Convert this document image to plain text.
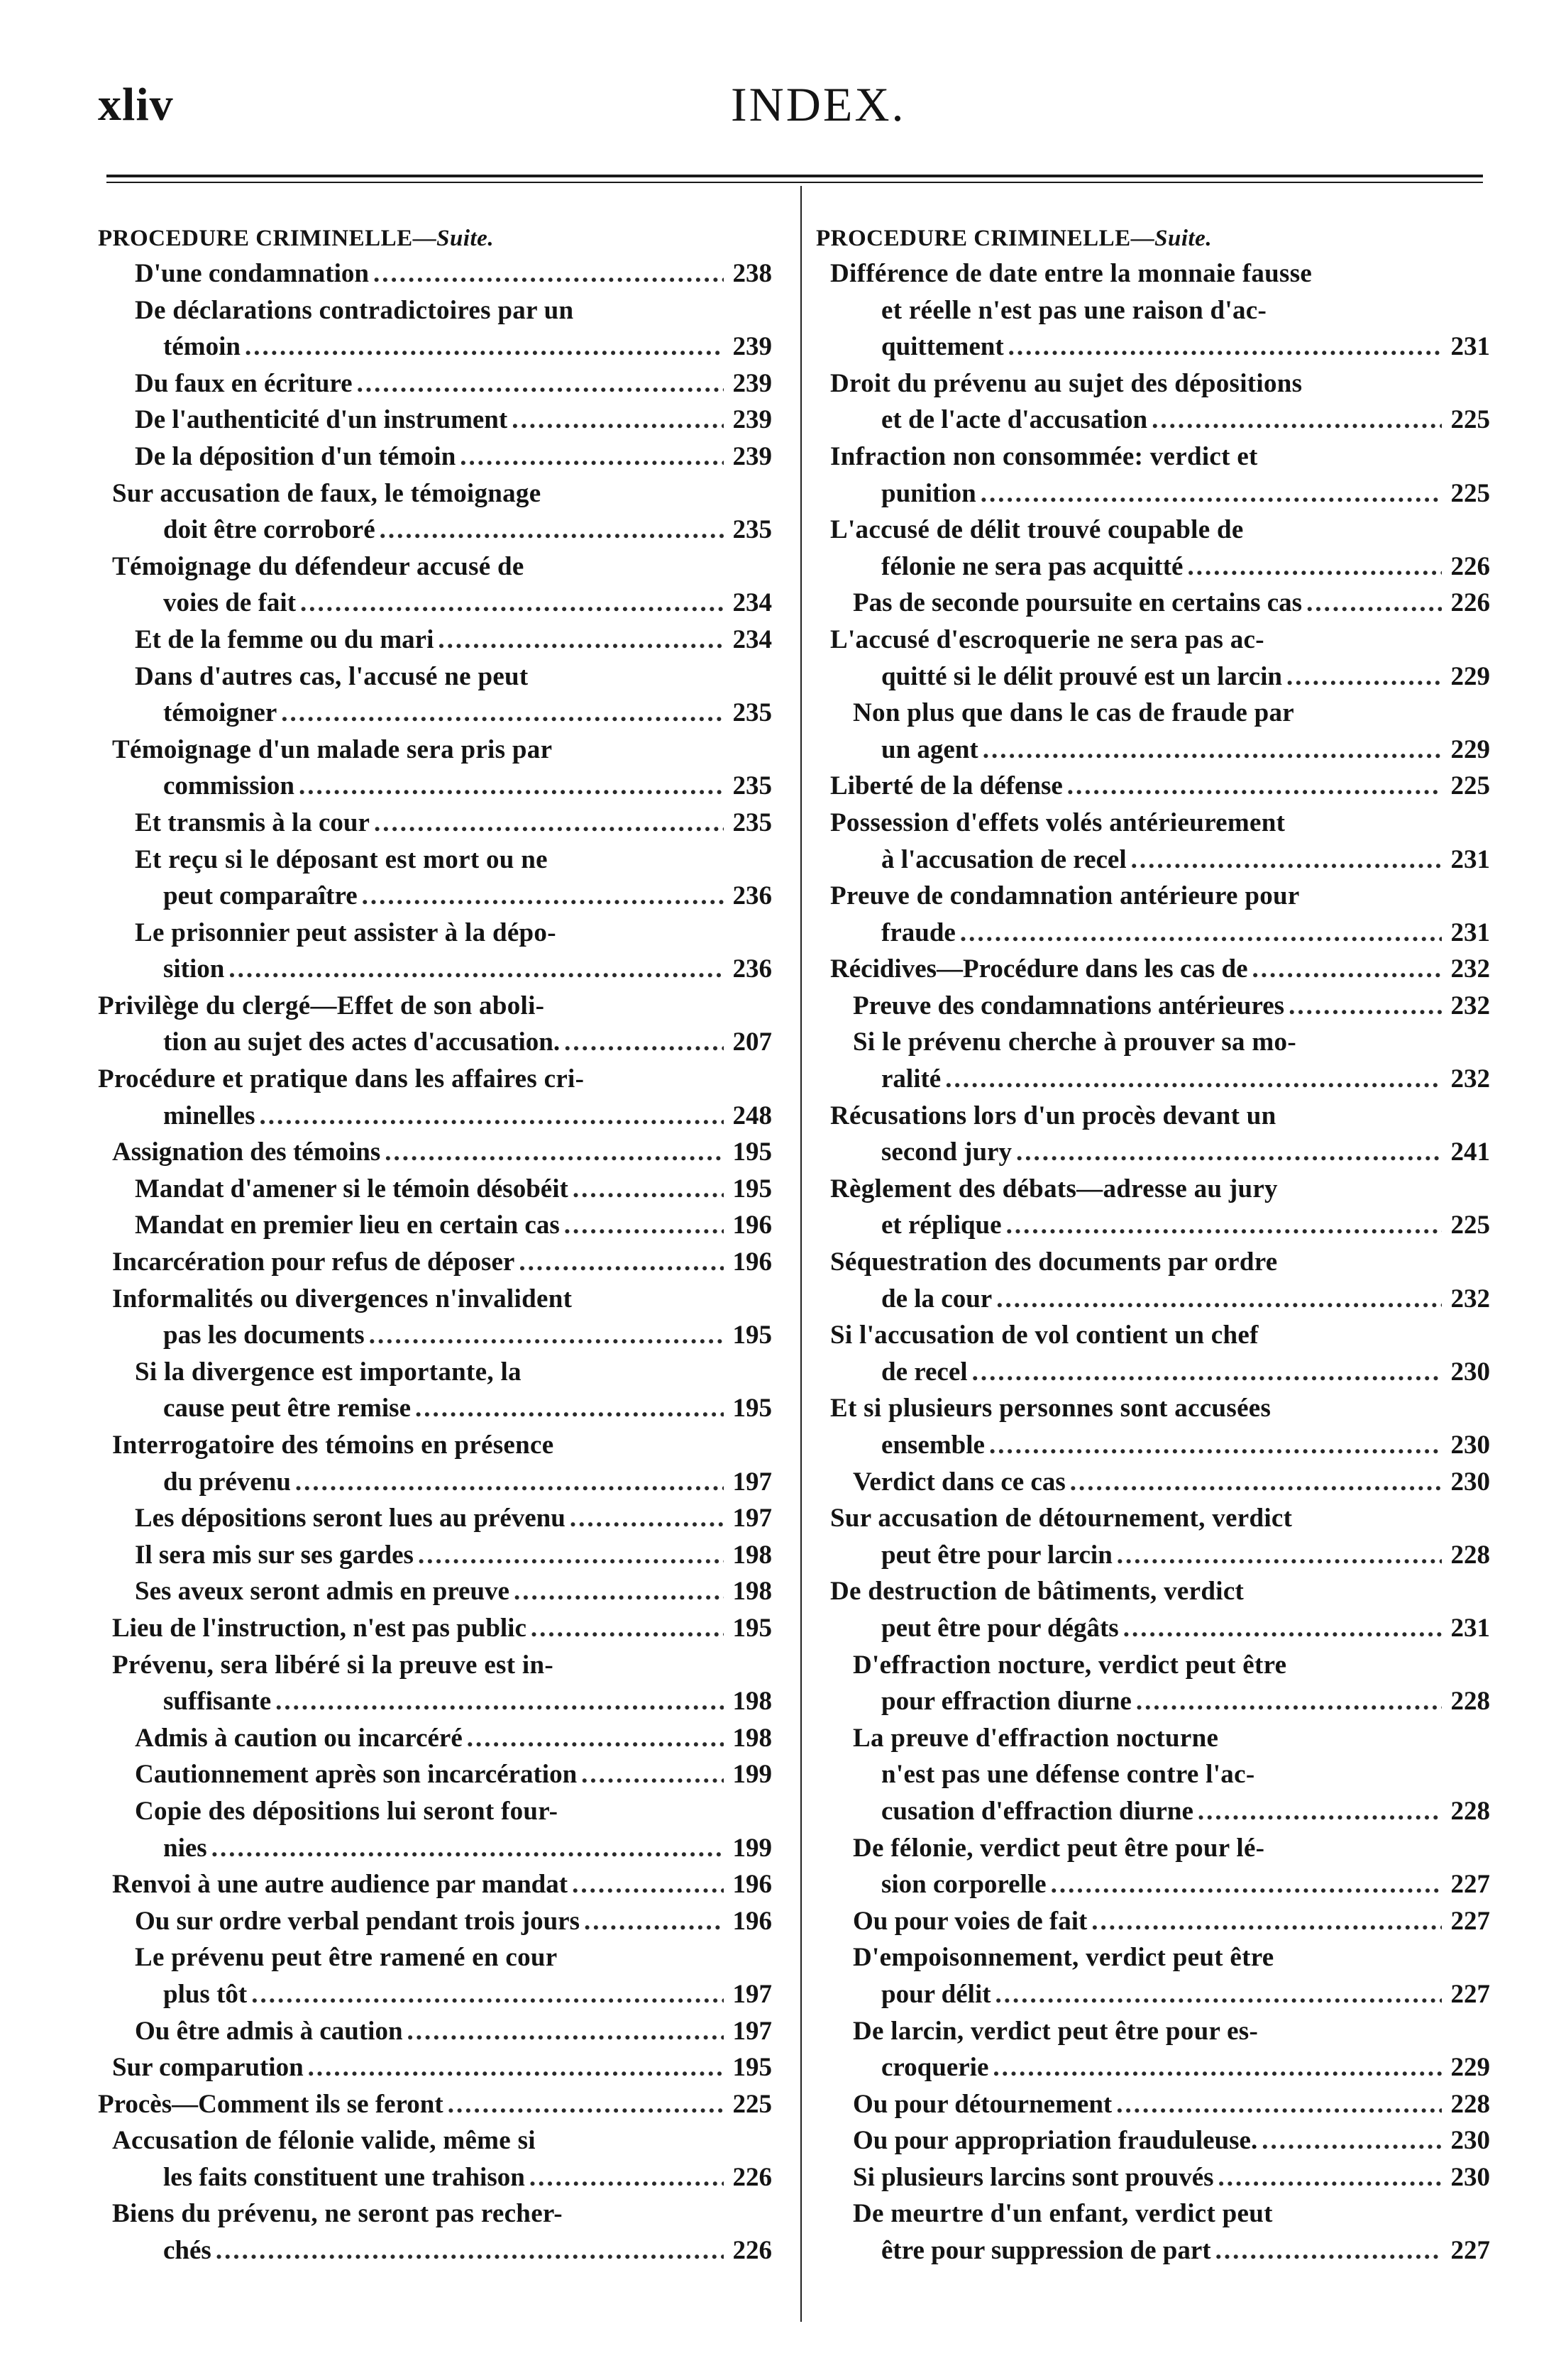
xliv	INDEX.
PROCEDURE CRIMINELLE—Suite.
D'une condamnation .....	238
De déclarations contradictoires par un
témoin .....	239
Du faux en écriture .....	239
De l'authenticité d'un instrument .....	239
De la déposition d'un témoin .....	239
Sur accusation de faux, le témoignage
doit être corroboré .....	235
Témoignage du défendeur accusé de
voies de fait .....	234
Et de la femme ou du mari .....	234
Dans d'autres cas, l'accusé ne peut
témoigner .....	235
Témoignage d'un malade sera pris par
commission .....	235
Et transmis à la cour .....	235
Et reçu si le déposant est mort ou ne
peut comparaître .....	236
Le prisonnier peut assister à la dépo-
sition .....	236
Privilège du clergé—Effet de son aboli-
tion au sujet des actes d'accusation. .....	207
Procédure et pratique dans les affaires cri-
minelles .....	248
Assignation des témoins .....	195
Mandat d'amener si le témoin désobéit .....	195
Mandat en premier lieu en certain cas .....	196
Incarcération pour refus de déposer .....	196
Informalités ou divergences n'invalident
pas les documents .....	195
Si la divergence est importante, la
cause peut être remise .....	195
Interrogatoire des témoins en présence
du prévenu .....	197
Les dépositions seront lues au prévenu .....	197
Il sera mis sur ses gardes .....	198
Ses aveux seront admis en preuve .....	198
Lieu de l'instruction, n'est pas public .....	195
Prévenu, sera libéré si la preuve est in-
suffisante .....	198
Admis à caution ou incarcéré .....	198
Cautionnement après son incarcération .....	199
Copie des dépositions lui seront four-
nies .....	199
Renvoi à une autre audience par mandat .....	196
Ou sur ordre verbal pendant trois jours .....	196
Le prévenu peut être ramené en cour
plus tôt .....	197
Ou être admis à caution .....	197
Sur comparution .....	195
Procès—Comment ils se feront .....	225
Accusation de félonie valide, même si
les faits constituent une trahison .....	226
Biens du prévenu, ne seront pas recher-
chés .....	226
PROCEDURE CRIMINELLE—Suite.
Différence de date entre la monnaie fausse
et réelle n'est pas une raison d'ac-
quittement .....	231
Droit du prévenu au sujet des dépositions
et de l'acte d'accusation .....	225
Infraction non consommée: verdict et
punition .....	225
L'accusé de délit trouvé coupable de
félonie ne sera pas acquitté .....	226
Pas de seconde poursuite en certains cas .....	226
L'accusé d'escroquerie ne sera pas ac-
quitté si le délit prouvé est un larcin .....	229
Non plus que dans le cas de fraude par
un agent .....	229
Liberté de la défense .....	225
Possession d'effets volés antérieurement
à l'accusation de recel .....	231
Preuve de condamnation antérieure pour
fraude .....	231
Récidives—Procédure dans les cas de .....	232
Preuve des condamnations antérieures .....	232
Si le prévenu cherche à prouver sa mo-
ralité .....	232
Récusations lors d'un procès devant un
second jury .....	241
Règlement des débats—adresse au jury
et réplique .....	225
Séquestration des documents par ordre
de la cour .....	232
Si l'accusation de vol contient un chef
de recel .....	230
Et si plusieurs personnes sont accusées
ensemble .....	230
Verdict dans ce cas .....	230
Sur accusation de détournement, verdict
peut être pour larcin .....	228
De destruction de bâtiments, verdict
peut être pour dégâts .....	231
D'effraction nocture, verdict peut être
pour effraction diurne .....	228
La preuve d'effraction nocturne
n'est pas une défense contre l'ac-
cusation d'effraction diurne .....	228
De félonie, verdict peut être pour lé-
sion corporelle .....	227
Ou pour voies de fait .....	227
D'empoisonnement, verdict peut être
pour délit .....	227
De larcin, verdict peut être pour es-
croquerie .....	229
Ou pour détournement .....	228
Ou pour appropriation frauduleuse. .....	230
Si plusieurs larcins sont prouvés .....	230
De meurtre d'un enfant, verdict peut
être pour suppression de part .....	227
